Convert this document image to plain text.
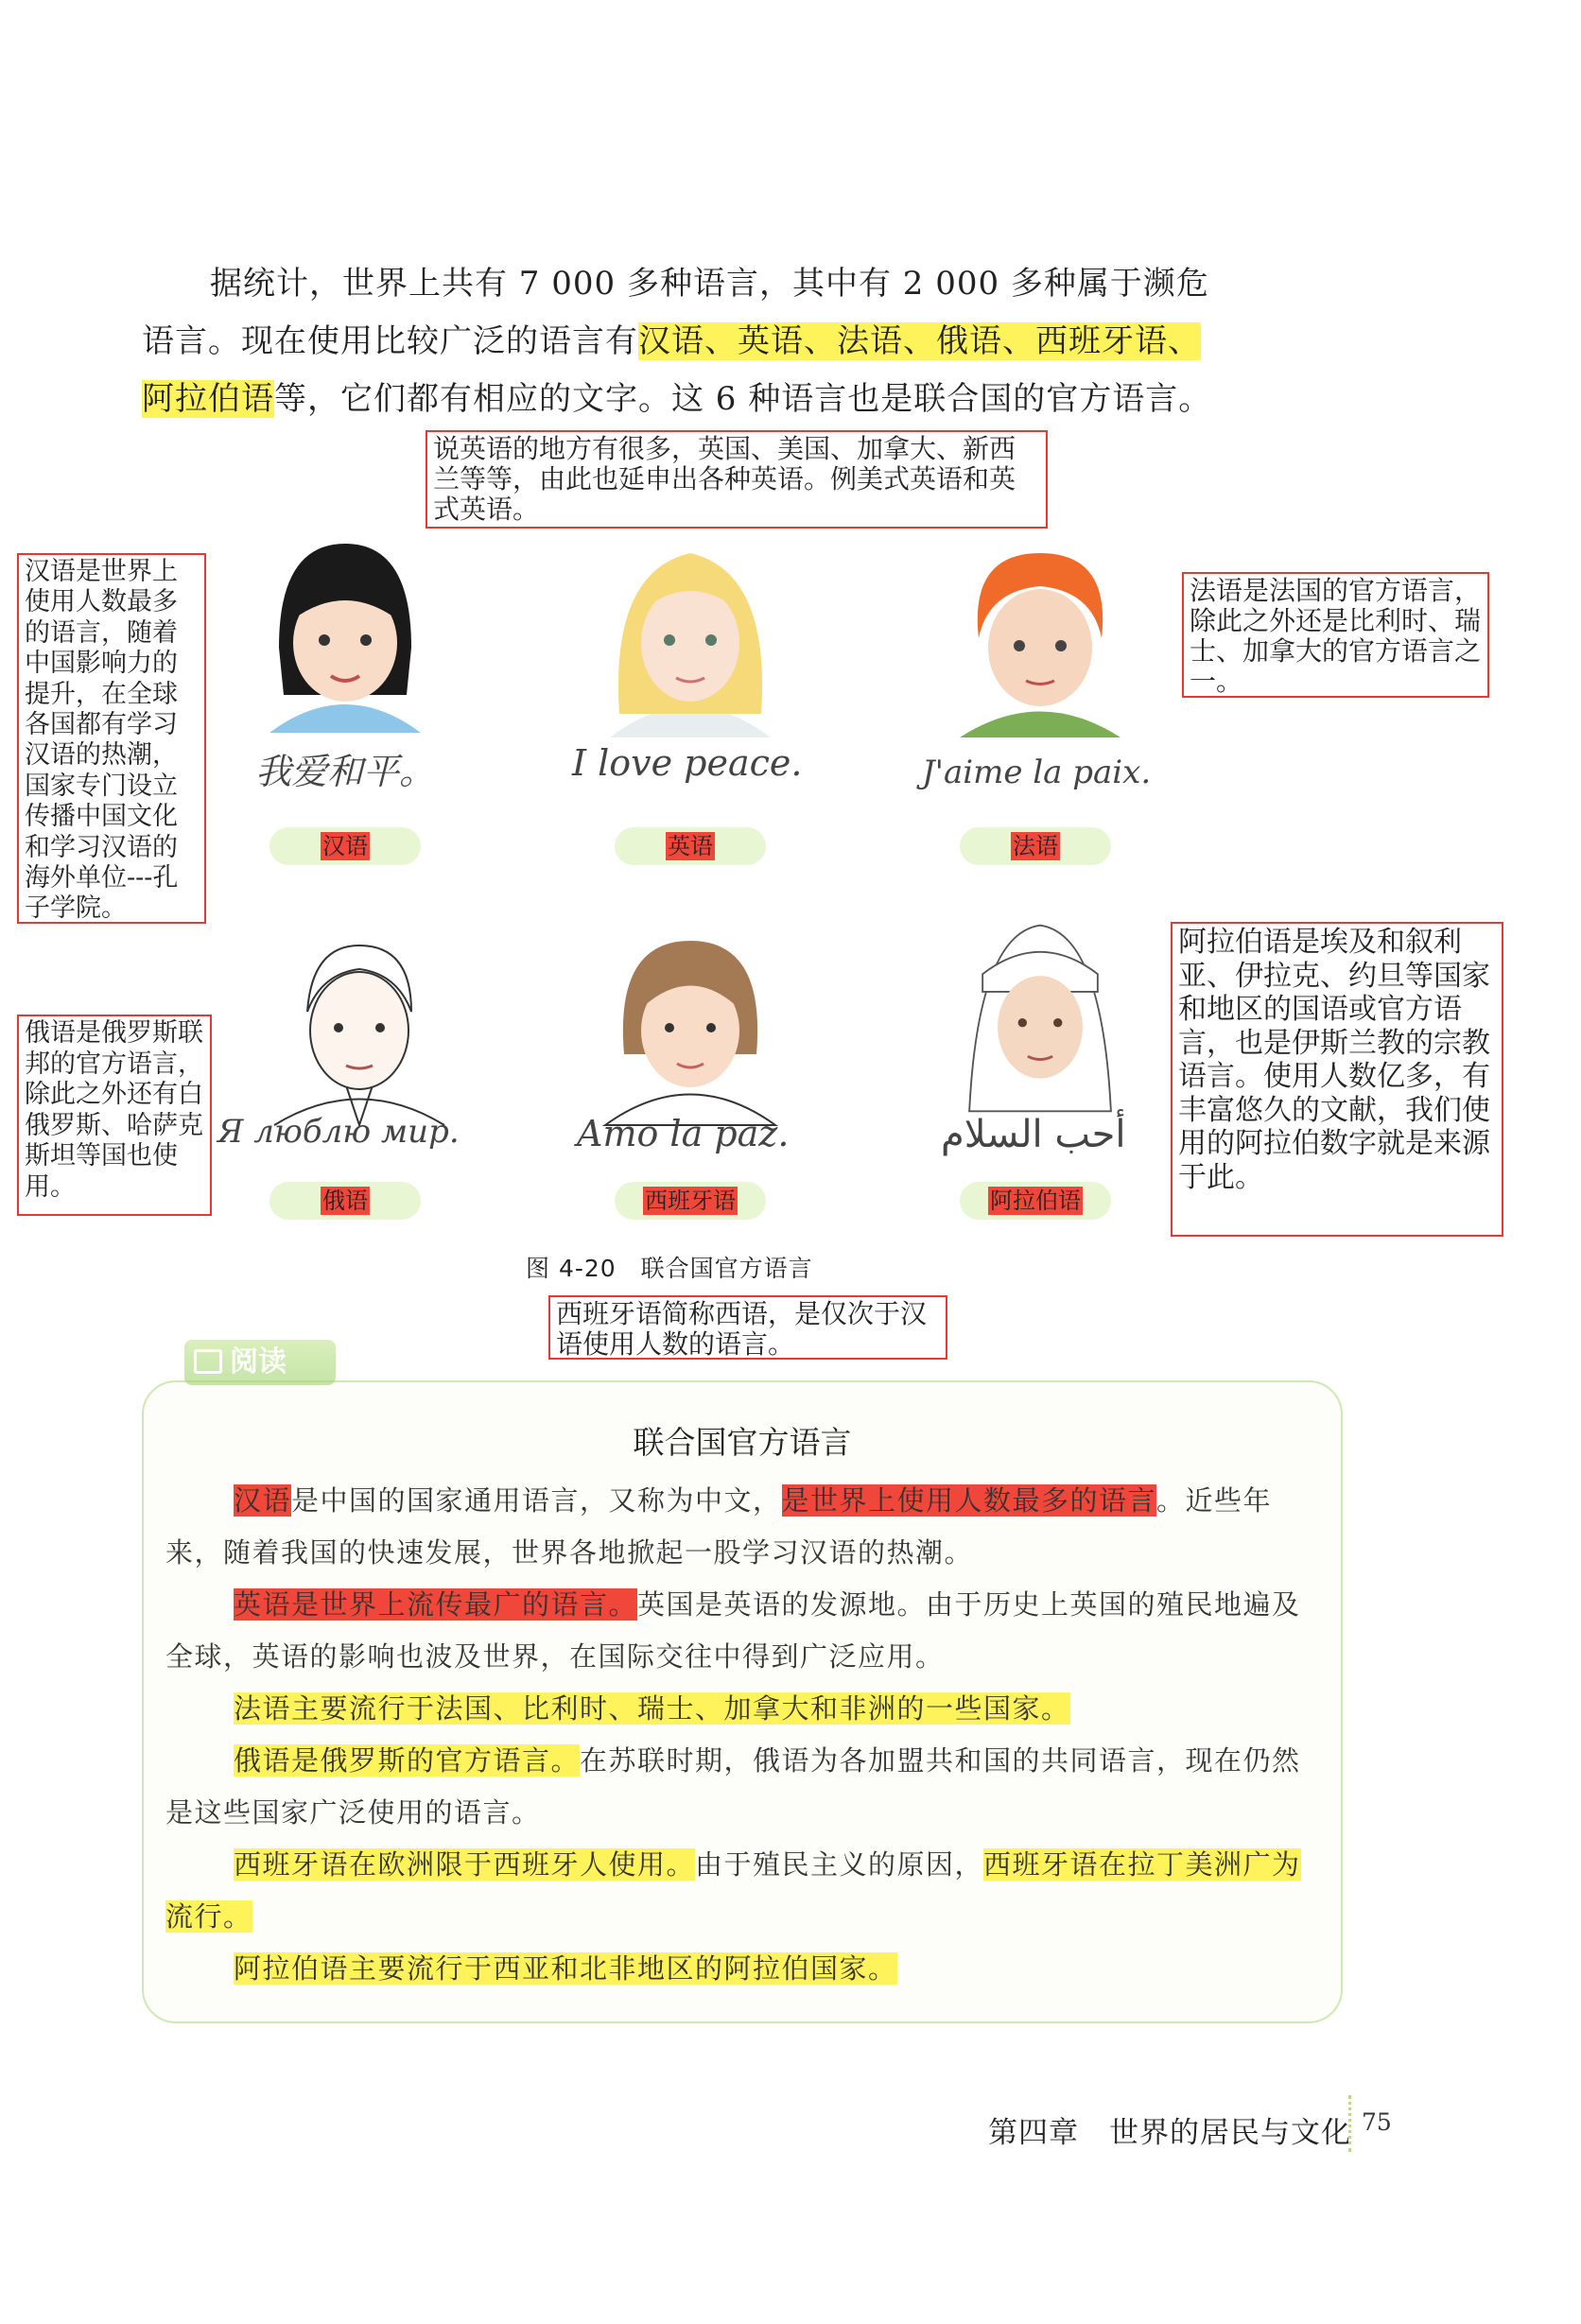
据统计，世界上共有 7 000 多种语言，其中有 2 000 多种属于濒危语言。现在使用比较广泛的语言有汉语、英语、法语、俄语、西班牙语、阿拉伯语等，它们都有相应的文字。这 6 种语言也是联合国的官方语言。

说英语的地方有很多，英国、美国、加拿大、新西兰等等，由此也延申出各种英语。例美式英语和英式英语。
汉语是世界上使用人数最多的语言，随着中国影响力的提升，在全球各国都有学习汉语的热潮，国家专门设立传播中国文化和学习汉语的海外单位---孔子学院。
法语是法国的官方语言，除此之外还是比利时、瑞士、加拿大的官方语言之一。
俄语是俄罗斯联邦的官方语言，除此之外还有白俄罗斯、哈萨克斯坦等国也使用。
阿拉伯语是埃及和叙利亚、伊拉克、约旦等国家和地区的国语或官方语言，也是伊斯兰教的宗教语言。使用人数亿多，有丰富悠久的文献，我们使用的阿拉伯数字就是来源于此。
西班牙语简称西语，是仅次于汉语使用人数的语言。
我爱和平。	I love peace.	J'aime la paix.
汉语	英语	法语
Я люблю мир.	Amo la paz.	أحب السلام
俄语	西班牙语	阿拉伯语
图 4-20　联合国官方语言
阅读
联合国官方语言

汉语是中国的国家通用语言，又称为中文，是世界上使用人数最多的语言。近些年来，随着我国的快速发展，世界各地掀起一股学习汉语的热潮。

英语是世界上流传最广的语言。英国是英语的发源地。由于历史上英国的殖民地遍及全球，英语的影响也波及世界，在国际交往中得到广泛应用。

法语主要流行于法国、比利时、瑞士、加拿大和非洲的一些国家。

俄语是俄罗斯的官方语言。在苏联时期，俄语为各加盟共和国的共同语言，现在仍然是这些国家广泛使用的语言。

西班牙语在欧洲限于西班牙人使用。由于殖民主义的原因，西班牙语在拉丁美洲广为流行。

阿拉伯语主要流行于西亚和北非地区的阿拉伯国家。

第四章　世界的居民与文化 75
